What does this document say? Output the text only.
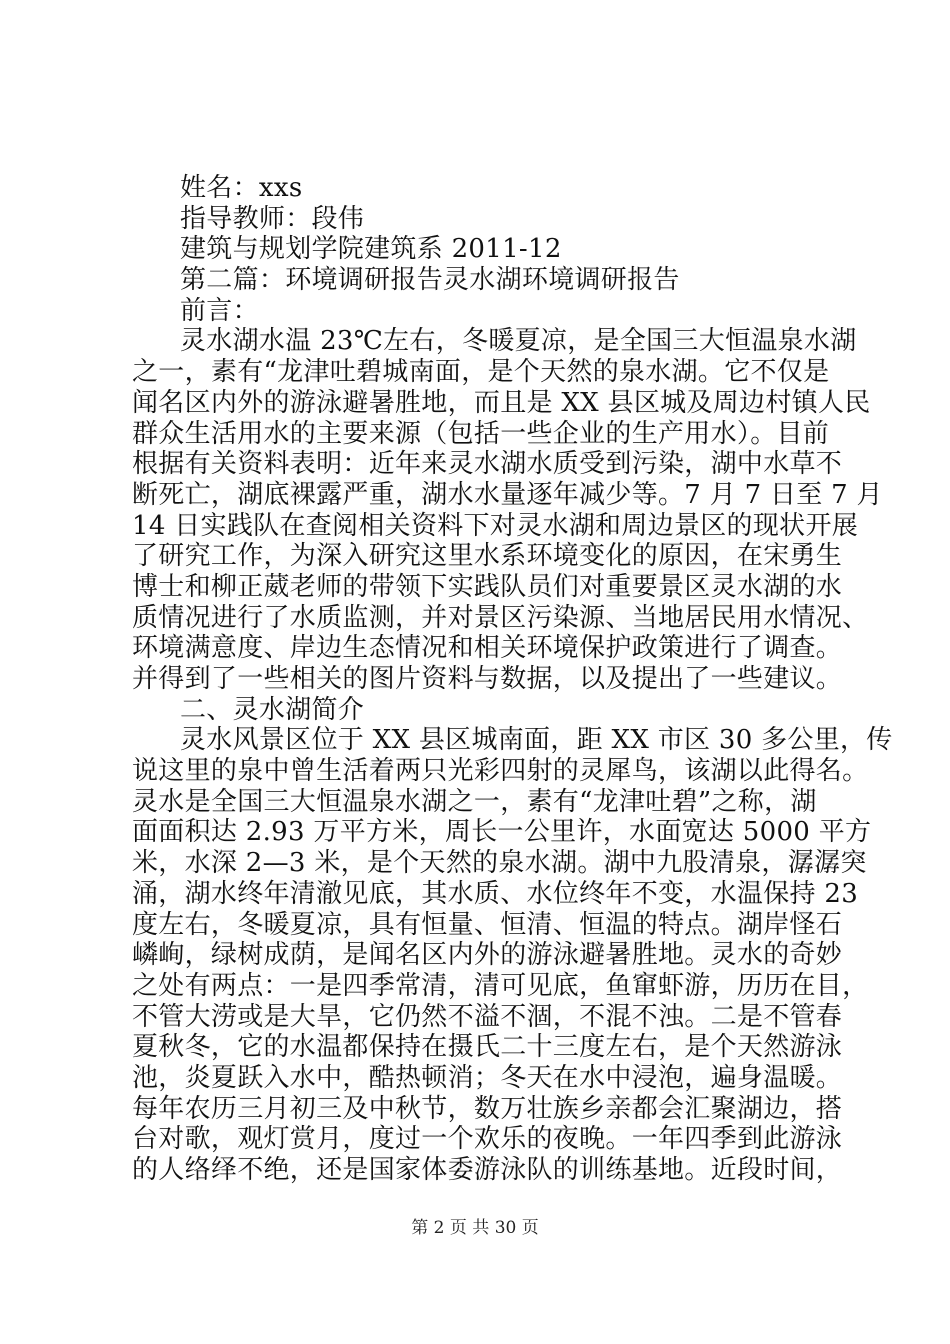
姓名：xxs
指导教师：段伟
建筑与规划学院建筑系 2011-12
第二篇：环境调研报告灵水湖环境调研报告
前言：
灵水湖水温 23℃左右，冬暖夏凉，是全国三大恒温泉水湖
之一，素有“龙津吐碧城南面，是个天然的泉水湖。它不仅是
闻名区内外的游泳避暑胜地，而且是 XX 县区城及周边村镇人民
群众生活用水的主要来源（包括一些企业的生产用水）。目前
根据有关资料表明：近年来灵水湖水质受到污染，湖中水草不
断死亡，湖底裸露严重，湖水水量逐年减少等。7 月 7 日至 7 月
14 日实践队在查阅相关资料下对灵水湖和周边景区的现状开展
了研究工作，为深入研究这里水系环境变化的原因，在宋勇生
博士和柳正葳老师的带领下实践队员们对重要景区灵水湖的水
质情况进行了水质监测，并对景区污染源、当地居民用水情况、
环境满意度、岸边生态情况和相关环境保护政策进行了调查。
并得到了一些相关的图片资料与数据，以及提出了一些建议。
二、灵水湖简介
灵水风景区位于 XX 县区城南面，距 XX 市区 30 多公里，传
说这里的泉中曾生活着两只光彩四射的灵犀鸟，该湖以此得名。
灵水是全国三大恒温泉水湖之一，素有“龙津吐碧”之称，湖
面面积达 2.93 万平方米，周长一公里许，水面宽达 5000 平方
米，水深 2—3 米，是个天然的泉水湖。湖中九股清泉，潺潺突
涌，湖水终年清澈见底，其水质、水位终年不变，水温保持 23
度左右，冬暖夏凉，具有恒量、恒清、恒温的特点。湖岸怪石
嶙峋，绿树成荫，是闻名区内外的游泳避暑胜地。灵水的奇妙
之处有两点：一是四季常清，清可见底，鱼窜虾游，历历在目，
不管大涝或是大旱，它仍然不溢不涸，不混不浊。二是不管春
夏秋冬，它的水温都保持在摄氏二十三度左右，是个天然游泳
池，炎夏跃入水中，酷热顿消；冬天在水中浸泡，遍身温暖。
每年农历三月初三及中秋节，数万壮族乡亲都会汇聚湖边，搭
台对歌，观灯赏月，度过一个欢乐的夜晚。一年四季到此游泳
的人络绎不绝，还是国家体委游泳队的训练基地。近段时间，
第 2 页 共 30 页
